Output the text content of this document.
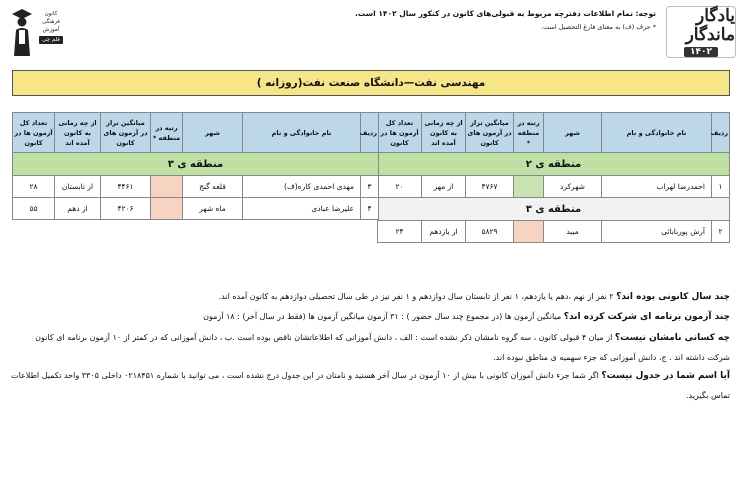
یادگار ماندگار
۱۴۰۲
توجه: تمام اطلاعات دفترچه مربوط به قبولی‌های کانون در کنکور سال ۱۴۰۲ است.
* حرف (ف) به معنای فارغ التحصیل است.
کانون
فرهنگی
آموزش
قلم چی
مهندسی نفت—دانشگاه صنعت نفت(روزانه )
ردیف	نام خانوادگی و نام	شهر	رتبه در منطقه *	میانگین تراز در آزمون های کانون	از چه زمانی به کانون آمده اند	تعداد کل آزمون ها در کانون
منطقه ی ۲						
۱	احمدرضا لهراب	شهرکرد		۴۷۶۷	از مهر	۲۰
منطقه ی ۳						
۲	آرش پوربابائی	میبد		۵۸۲۹	از یازدهم	۲۴
ردیف	نام خانوادگی و نام	شهر	رتبه در منطقه *	میانگین تراز در آزمون های کانون	از چه زمانی به کانون آمده اند	تعداد کل آزمون ها در کانون
منطقه ی ۳						
۳	مهدی احمدی کاره(ف)	قلعه گنج		۴۴۶۱	از تابستان	۲۸
۴	علیرضا عبادی	ماه شهر		۴۲۰۶	از دهم	۵۵
چند سال کانونی بوده اند؟ ۲ نفر از نهم ،دهم یا یازدهم، ۱ نفر از تابستان سال دوازدهم و ۱ نفر نیز در طی سال تحصیلی دوازدهم به کانون آمده اند.
چند آزمون برنامه ای شرکت کرده اند؟ میانگین آزمون ها (در مجموع چند سال حضور ) : ۳۱ آزمون میانگین آزمون ها (فقط در سال آخر) : ۱۸ آزمون
چه کسانی نامشان نیست؟ از میان ۴ قبولی کانون ، سه گروه نامشان ذکر نشده است : الف ، دانش آموزانی که اطلاعاتشان ناقص بوده است .ب ، دانش آموزانی که در کمتر از ۱۰ آزمون برنامه ای کانون شرکت داشته اند . ج، دانش آموزانی که جزء سهمیه ی مناطق نبوده اند.
آیا اسم شما در جدول نیست؟ اگر شما جزء دانش آموزان کانونی با بیش از ۱۰ آزمون در سال آخر هستید و نامتان در این جدول درج نشده است ، می توانید با شماره ۰۲۱۸۴۵۱ داخلی ۳۳۰۵ واحد تکمیل اطلاعات تماس بگیرید.
